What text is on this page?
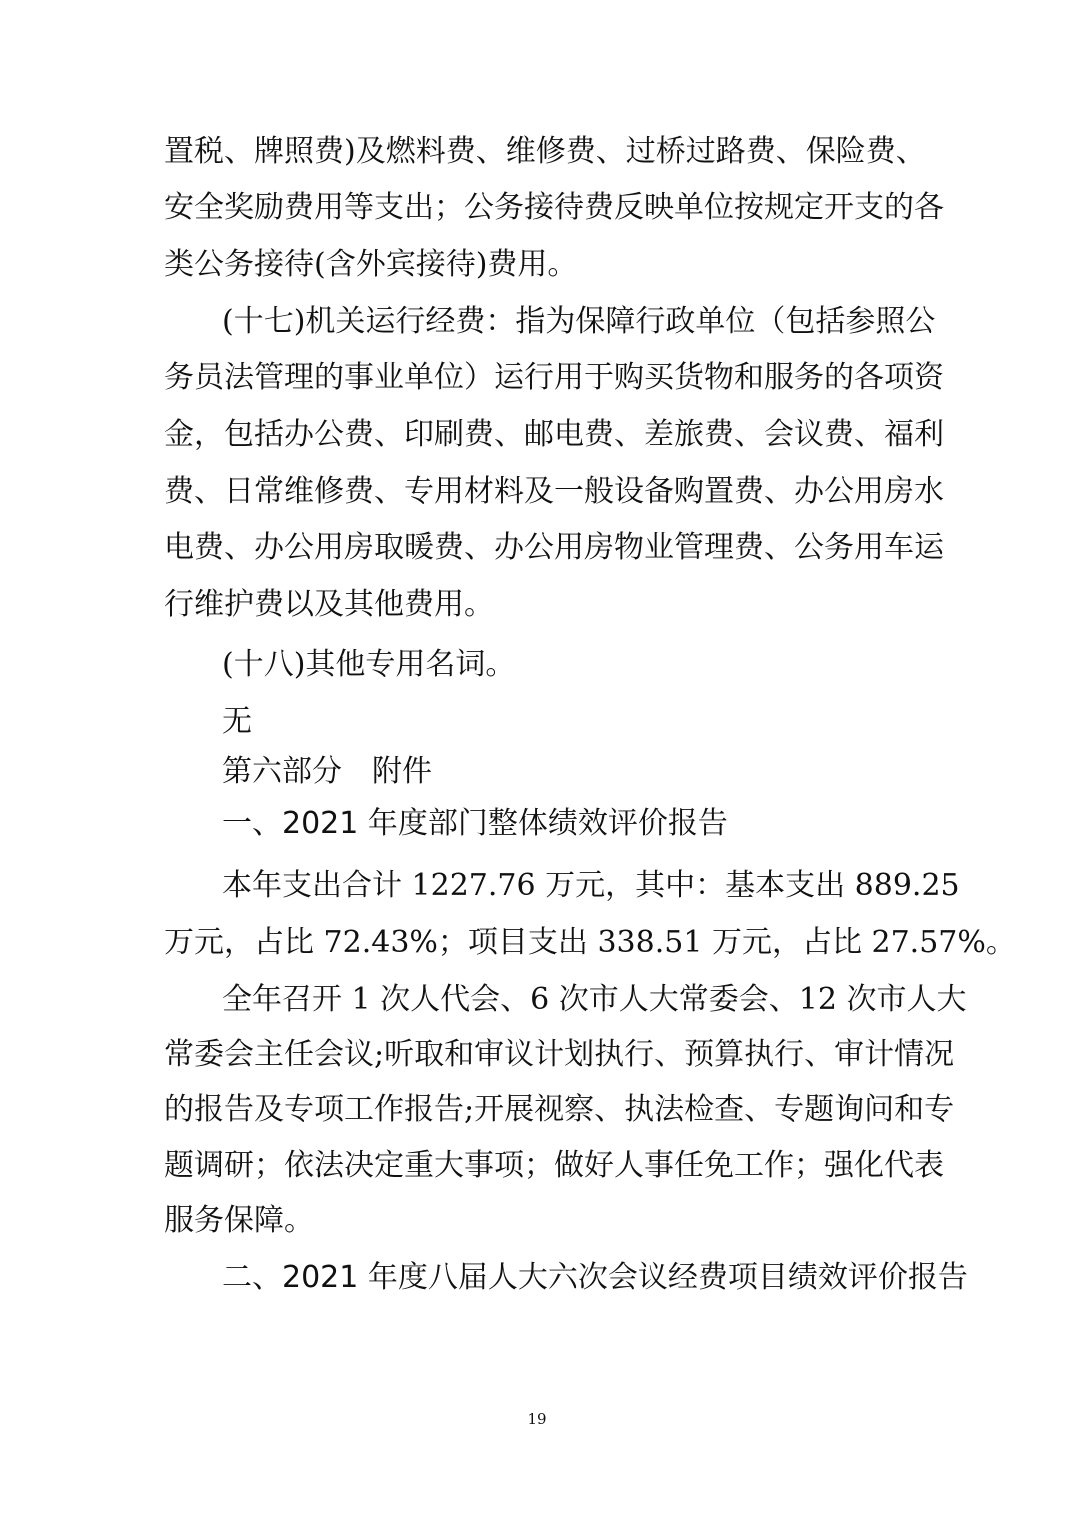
置税、牌照费)及燃料费、维修费、过桥过路费、保险费、
安全奖励费用等支出；公务接待费反映单位按规定开支的各
类公务接待(含外宾接待)费用。
(十七)机关运行经费：指为保障行政单位（包括参照公
务员法管理的事业单位）运行用于购买货物和服务的各项资
金，包括办公费、印刷费、邮电费、差旅费、会议费、福利
费、日常维修费、专用材料及一般设备购置费、办公用房水
电费、办公用房取暖费、办公用房物业管理费、公务用车运
行维护费以及其他费用。
(十八)其他专用名词。
无
第六部分　附件
一、2021 年度部门整体绩效评价报告
本年支出合计 1227.76 万元，其中：基本支出 889.25
万元，占比 72.43%；项目支出 338.51 万元，占比 27.57%。
全年召开 1 次人代会、6 次市人大常委会、12 次市人大
常委会主任会议;听取和审议计划执行、预算执行、审计情况
的报告及专项工作报告;开展视察、执法检查、专题询问和专
题调研；依法决定重大事项；做好人事任免工作；强化代表
服务保障。
二、2021 年度八届人大六次会议经费项目绩效评价报告
19
